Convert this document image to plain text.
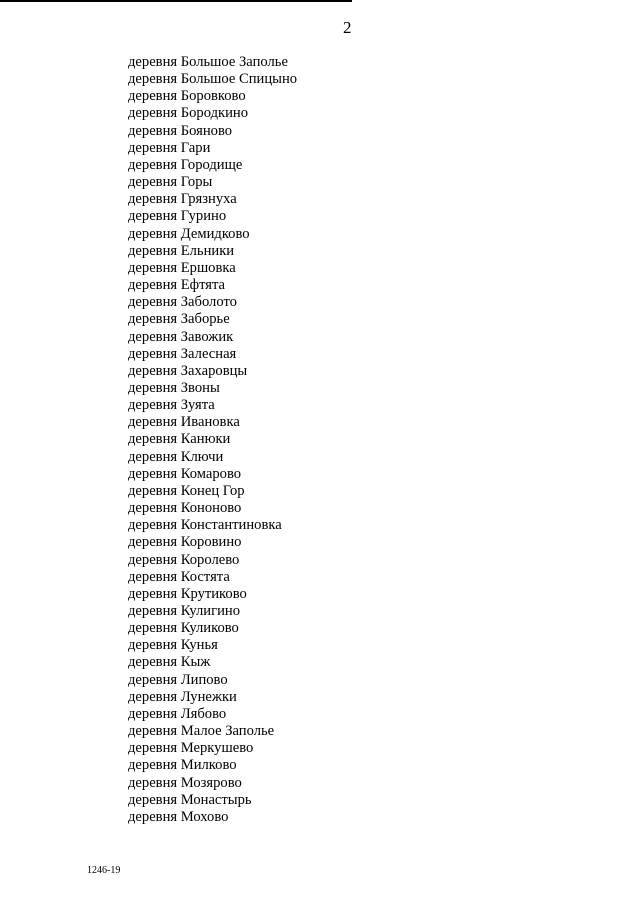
2
деревня Большое Заполье
деревня Большое Спицыно
деревня Боровково
деревня Бородкино
деревня Бояново
деревня Гари
деревня Городище
деревня Горы
деревня Грязнуха
деревня Гурино
деревня Демидково
деревня Ельники
деревня Ершовка
деревня Ефтята
деревня Заболото
деревня Заборье
деревня Завожик
деревня Залесная
деревня Захаровцы
деревня Звоны
деревня Зуята
деревня Ивановка
деревня Канюки
деревня Ключи
деревня Комарово
деревня Конец Гор
деревня Кононово
деревня Константиновка
деревня Коровино
деревня Королево
деревня Костята
деревня Крутиково
деревня Кулигино
деревня Куликово
деревня Кунья
деревня Кыж
деревня Липово
деревня Лунежки
деревня Лябово
деревня Малое Заполье
деревня Меркушево
деревня Милково
деревня Мозярово
деревня Монастырь
деревня Мохово
1246-19
